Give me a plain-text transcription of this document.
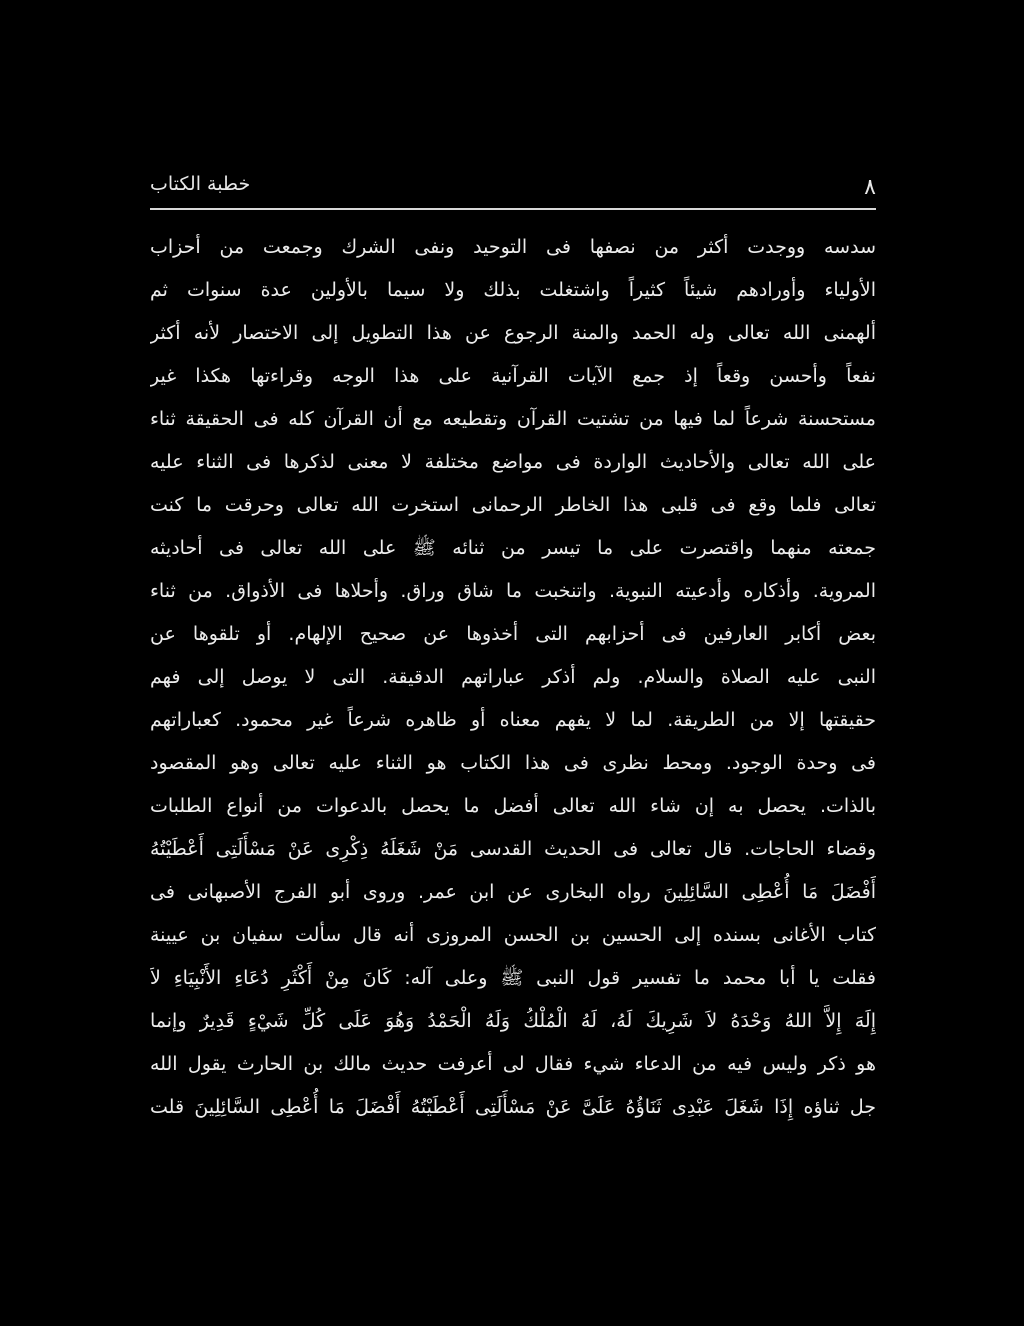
٨
خطبة الكتاب
سدسه ووجدت أكثر من نصفها فى التوحيد ونفى الشرك وجمعت من أحزاب
الأولياء وأورادهم شيئاً كثيراً واشتغلت بذلك ولا سيما بالأولين عدة سنوات ثم
ألهمنى الله تعالى وله الحمد والمنة الرجوع عن هذا التطويل إلى الاختصار لأنه أكثر
نفعاً وأحسن وقعاً إذ جمع الآيات القرآنية على هذا الوجه وقراءتها هكذا غير
مستحسنة شرعاً لما فيها من تشتيت القرآن وتقطيعه مع أن القرآن كله فى الحقيقة ثناء
على الله تعالى والأحاديث الواردة فى مواضع مختلفة لا معنى لذكرها فى الثناء عليه
تعالى فلما وقع فى قلبى هذا الخاطر الرحمانى استخرت الله تعالى وحرقت ما كنت
جمعته منهما واقتصرت على ما تيسر من ثنائه ﷺ على الله تعالى فى أحاديثه
المروية. وأذكاره وأدعيته النبوية. واتنخبت ما شاق وراق. وأحلاها فى الأذواق. من ثناء
بعض أكابر العارفين فى أحزابهم التى أخذوها عن صحيح الإلهام. أو تلقوها عن
النبى عليه الصلاة والسلام. ولم أذكر عباراتهم الدقيقة. التى لا يوصل إلى فهم
حقيقتها إلا من الطريقة. لما لا يفهم معناه أو ظاهره شرعاً غير محمود. كعباراتهم
فى وحدة الوجود. ومحط نظرى فى هذا الكتاب هو الثناء عليه تعالى وهو المقصود
بالذات. يحصل به إن شاء الله تعالى أفضل ما يحصل بالدعوات من أنواع الطلبات
وقضاء الحاجات. قال تعالى فى الحديث القدسى مَنْ شَغَلَهُ ذِكْرِى عَنْ مَسْأَلَتِى أَعْطَيْتُهُ
أَفْضَلَ مَا أُعْطِى السَّائِلِينَ رواه البخارى عن ابن عمر. وروى أبو الفرج الأصبهانى فى
كتاب الأغانى بسنده إلى الحسين بن الحسن المروزى أنه قال سألت سفيان بن عيينة
فقلت يا أبا محمد ما تفسير قول النبى ﷺ وعلى آله: كَانَ مِنْ أَكْثَرِ دُعَاءِ الأَنْبِيَاءِ لاَ
إِلَهَ إِلاَّ اللهُ وَحْدَهُ لاَ شَرِيكَ لَهُ، لَهُ الْمُلْكُ وَلَهُ الْحَمْدُ وَهُوَ عَلَى كُلِّ شَيْءٍ قَدِيرٌ وإنما
هو ذكر وليس فيه من الدعاء شيء فقال لى أعرفت حديث مالك بن الحارث يقول الله
جل ثناؤه إِذَا شَغَلَ عَبْدِى ثَنَاؤُهُ عَلَىَّ عَنْ مَسْأَلَتِى أَعْطَيْتُهُ أَفْضَلَ مَا أُعْطِى السَّائِلِينَ قلت
